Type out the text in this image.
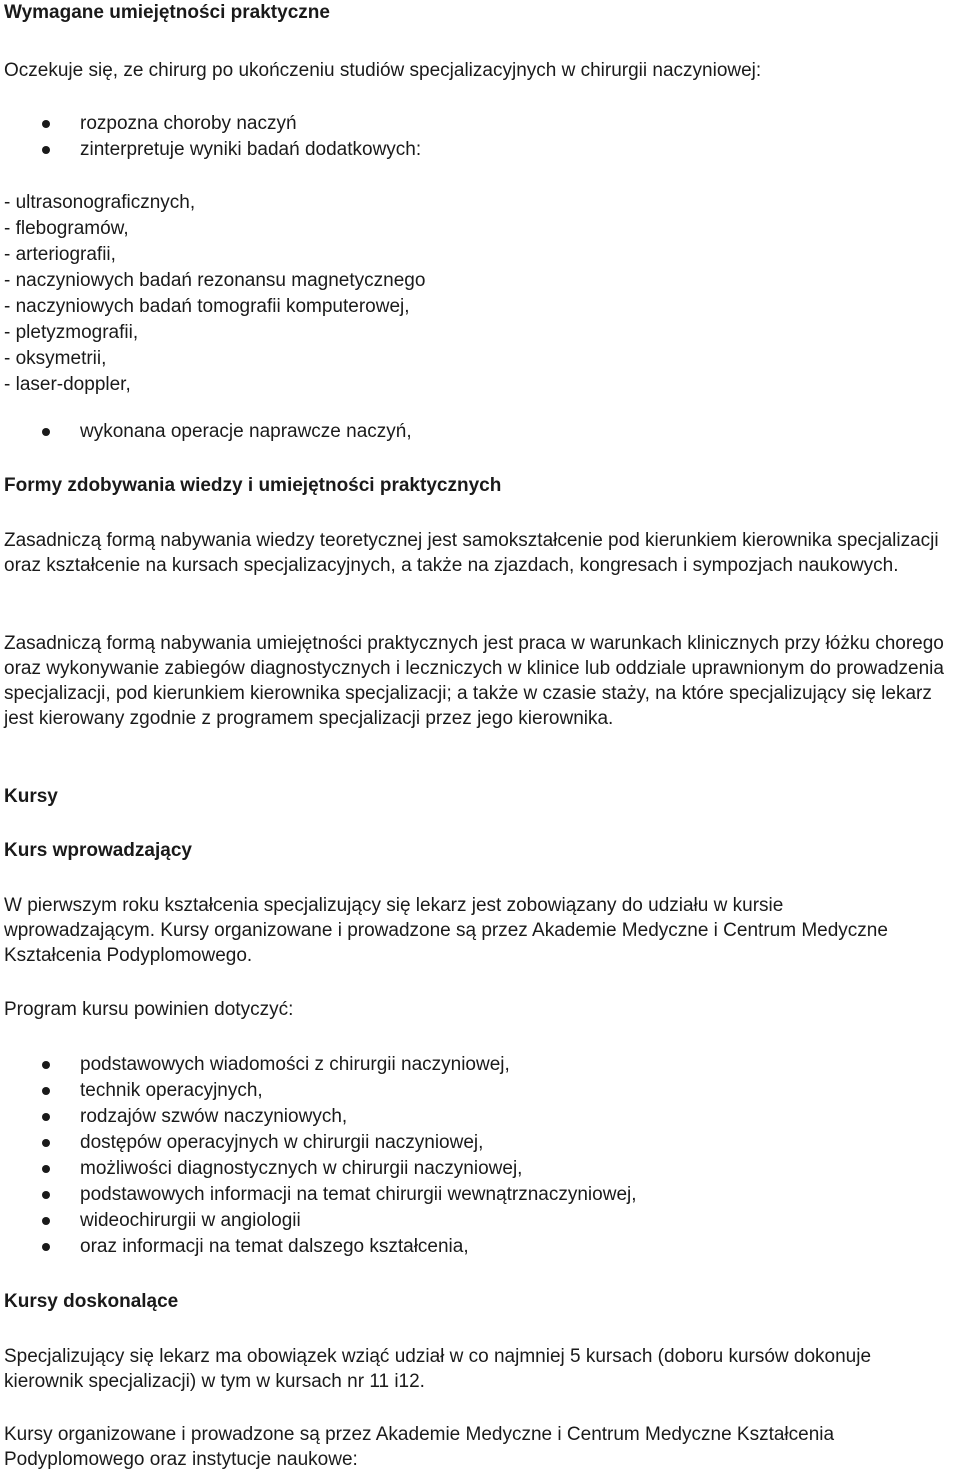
Wymagane umiejętności praktyczne

Oczekuje się, ze chirurg po ukończeniu studiów specjalizacyjnych w chirurgii naczyniowej:

rozpozna choroby naczyń
zinterpretuje wyniki badań dodatkowych:
- ultrasonograficznych,
- flebogramów,
- arteriografii,
- naczyniowych badań rezonansu magnetycznego
- naczyniowych badań tomografii komputerowej,
- pletyzmografii,
- oksymetrii,
- laser-doppler,
wykonana operacje naprawcze naczyń,
Formy zdobywania wiedzy i umiejętności praktycznych

Zasadniczą formą nabywania wiedzy teoretycznej jest samokształcenie pod kierunkiem kierownika specjalizacji oraz kształcenie na kursach specjalizacyjnych, a także na zjazdach, kongresach i sympozjach naukowych.

Zasadniczą formą nabywania umiejętności praktycznych jest praca w warunkach klinicznych przy łóżku chorego oraz wykonywanie zabiegów diagnostycznych i leczniczych w klinice lub oddziale uprawnionym do prowadzenia specjalizacji, pod kierunkiem kierownika specjalizacji; a także w czasie staży, na które specjalizujący się lekarz jest kierowany zgodnie z programem specjalizacji przez jego kierownika.

Kursy
Kurs wprowadzający

W pierwszym roku kształcenia specjalizujący się lekarz jest zobowiązany do udziału w kursie wprowadzającym. Kursy organizowane i prowadzone są przez Akademie Medyczne i Centrum Medyczne Kształcenia Podyplomowego.

Program kursu powinien dotyczyć:

podstawowych wiadomości z chirurgii naczyniowej,
technik operacyjnych,
rodzajów szwów naczyniowych,
dostępów operacyjnych w chirurgii naczyniowej,
możliwości diagnostycznych w chirurgii naczyniowej,
podstawowych informacji na temat chirurgii wewnątrznaczyniowej,
wideochirurgii w angiologii
oraz informacji na temat dalszego kształcenia,
Kursy doskonalące

Specjalizujący się lekarz ma obowiązek wziąć udział w co najmniej 5 kursach (doboru kursów dokonuje kierownik specjalizacji) w tym w kursach nr 11 i12.

Kursy organizowane i prowadzone są przez Akademie Medyczne i Centrum Medyczne Kształcenia Podyplomowego oraz instytucje naukowe:
